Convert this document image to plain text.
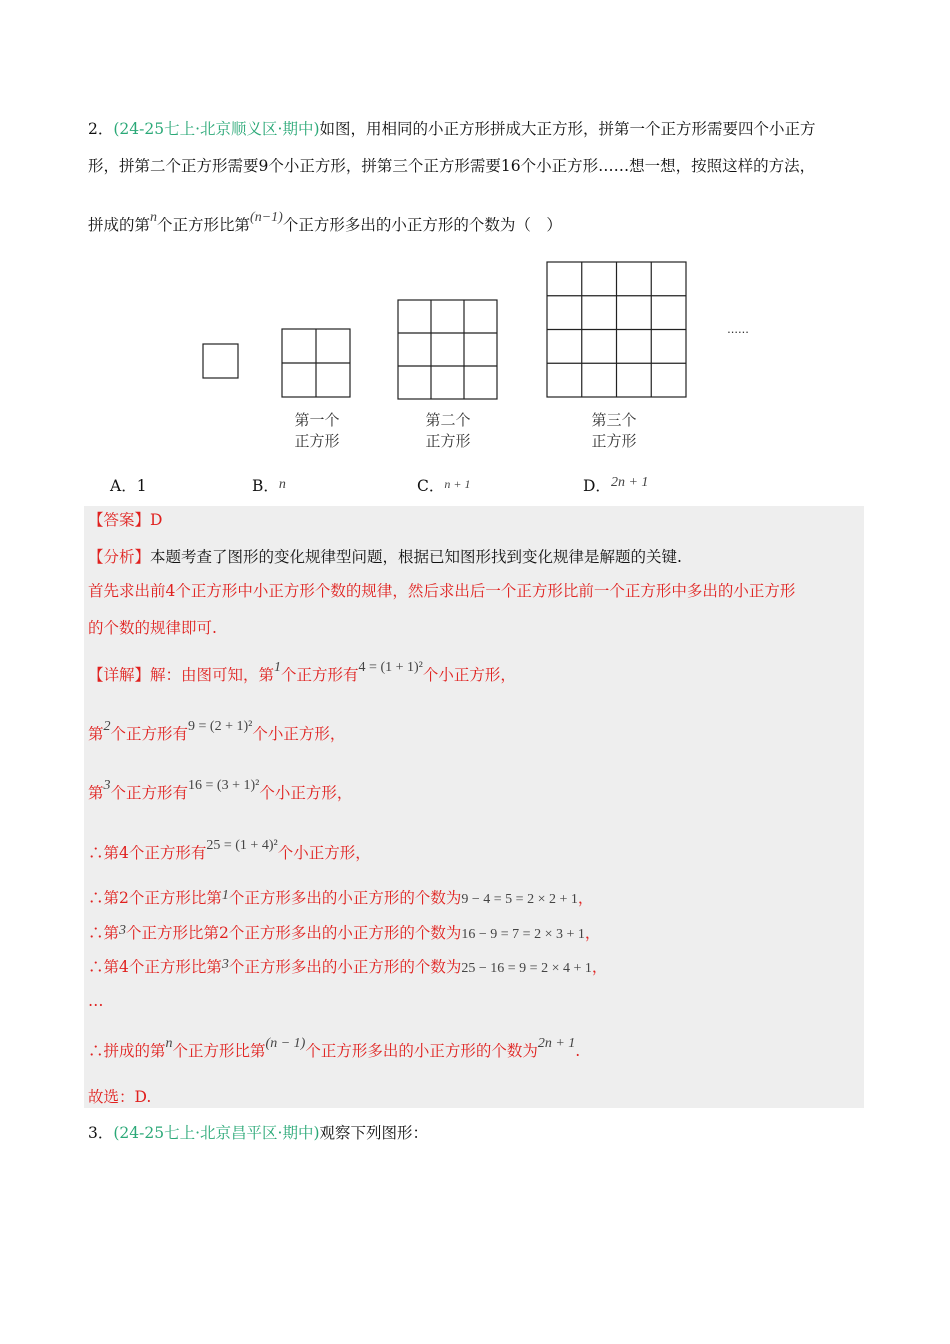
2．(24-25七上·北京顺义区·期中)如图，用相同的小正方形拼成大正方形，拼第一个正方形需要四个小正方
形，拼第二个正方形需要9个小正方形，拼第三个正方形需要16个小正方形……想一想，按照这样的方法，
拼成的第n个正方形比第(n−1)个正方形多出的小正方形的个数为（　）
第一个
正方形
第二个
正方形
第三个
正方形
......
A．1	B．n	C．n + 1	D．2n + 1
【答案】D
【分析】本题考查了图形的变化规律型问题，根据已知图形找到变化规律是解题的关键.
首先求出前4个正方形中小正方形个数的规律，然后求出后一个正方形比前一个正方形中多出的小正方形
的个数的规律即可.
【详解】解：由图可知，第1个正方形有4 = (1 + 1)²个小正方形，
第2个正方形有9 = (2 + 1)²个小正方形，
第3个正方形有16 = (3 + 1)²个小正方形，
∴第4个正方形有25 = (1 + 4)²个小正方形，
∴第2个正方形比第1个正方形多出的小正方形的个数为9 − 4 = 5 = 2 × 2 + 1，
∴第3个正方形比第2个正方形多出的小正方形的个数为16 − 9 = 7 = 2 × 3 + 1，
∴第4个正方形比第3个正方形多出的小正方形的个数为25 − 16 = 9 = 2 × 4 + 1，
…
∴拼成的第n个正方形比第(n − 1)个正方形多出的小正方形的个数为2n + 1.
故选：D.
3．(24-25七上·北京昌平区·期中)观察下列图形：
